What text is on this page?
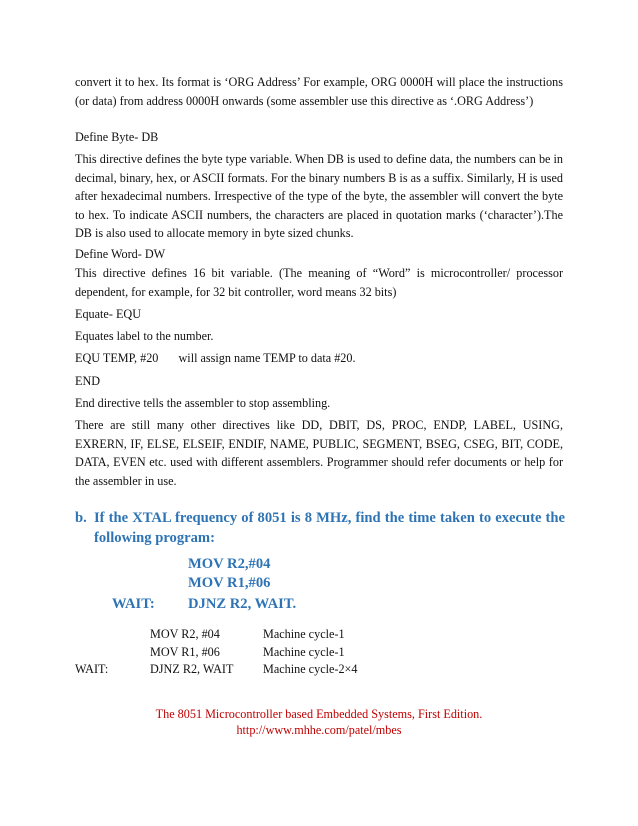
convert it to hex. Its format is ‘ORG Address’ For example, ORG 0000H will place the instructions (or data) from address 0000H onwards (some assembler use this directive as ‘.ORG Address’)

Define Byte- DB

This directive defines the byte type variable. When DB is used to define data, the numbers can be in decimal, binary, hex, or ASCII formats. For the binary numbers B is as a suffix. Similarly, H is used after hexadecimal numbers. Irrespective of the type of the byte, the assembler will convert the byte to hex. To indicate ASCII numbers, the characters are placed in quotation marks (‘character’).The DB is also used to allocate memory in byte sized chunks.

Define Word- DW

This directive defines 16 bit variable. (The meaning of “Word” is microcontroller/ processor dependent, for example, for 32 bit controller, word means 32 bits)

Equate- EQU

Equates label to the number.

EQU TEMP, #20 will assign name TEMP to data #20.

END

End directive tells the assembler to stop assembling.

There are still many other directives like DD, DBIT, DS, PROC, ENDP, LABEL, USING, EXRERN, IF, ELSE, ELSEIF, ENDIF, NAME, PUBLIC, SEGMENT, BSEG, CSEG, BIT, CODE, DATA, EVEN etc. used with different assemblers. Programmer should refer documents or help for the assembler in use.

b. If the XTAL frequency of 8051 is 8 MHz, find the time taken to execute the following program:
MOV R2,#04
MOV R1,#06
WAIT: DJNZ R2, WAIT.
MOV R2, #04	Machine cycle-1
MOV R1, #06	Machine cycle-1
WAIT:	DJNZ R2, WAIT Machine cycle-2×4
The 8051 Microcontroller based Embedded Systems, First Edition.
http://www.mhhe.com/patel/mbes
